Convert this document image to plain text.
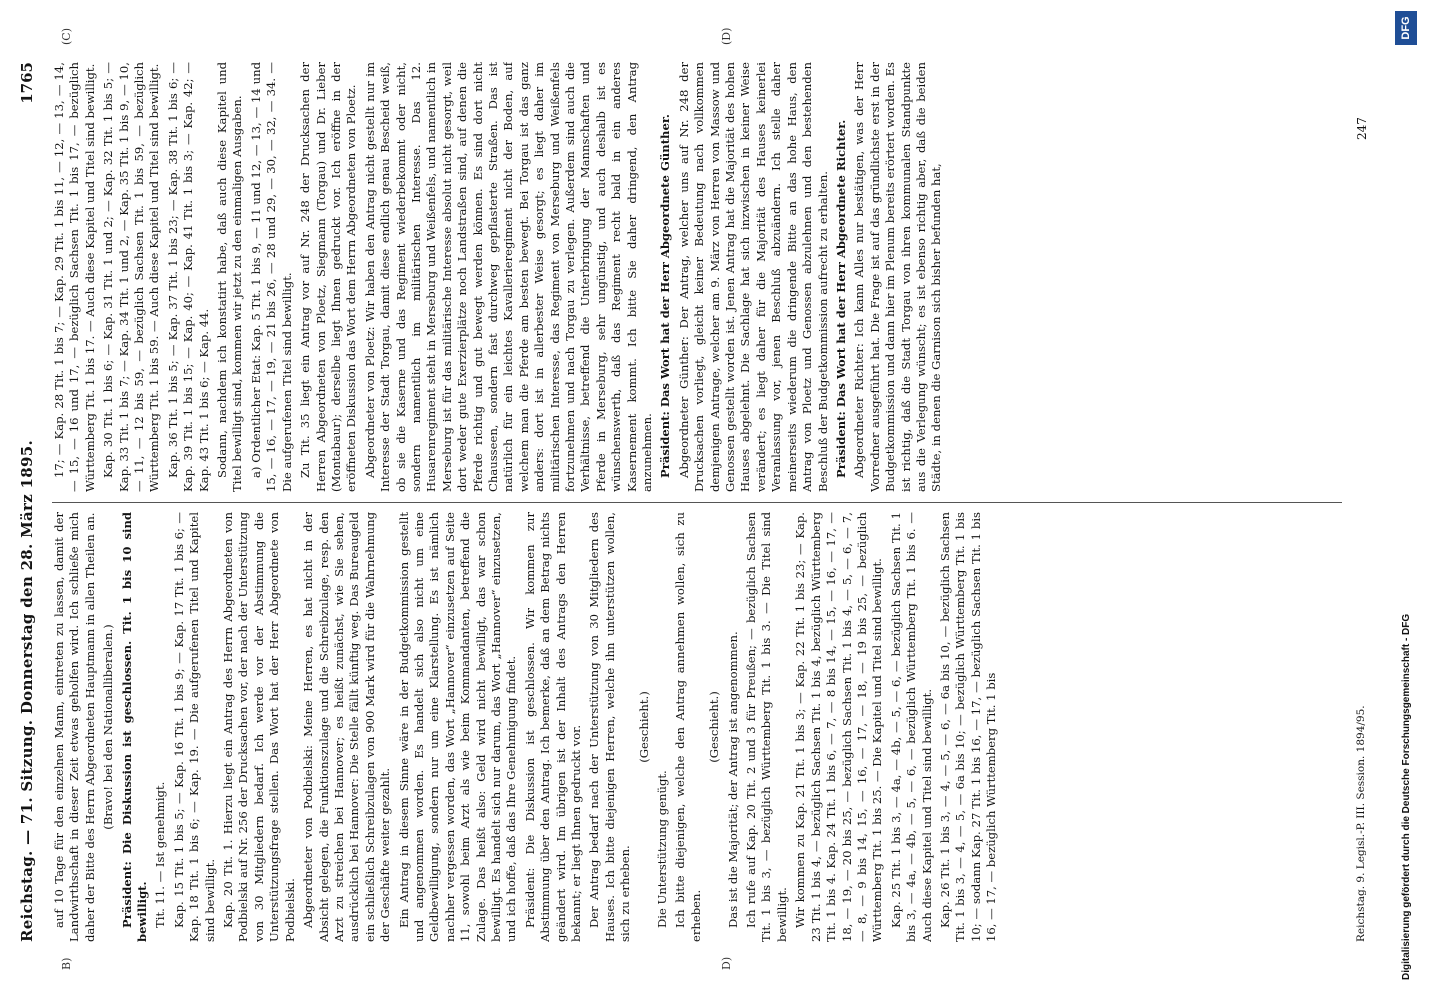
Reichstag. — 71. Sitzung. Donnerstag den 28. März 1895.
1765
(C)	(D)
B)	D)

auf 10 Tage für den einzelnen Mann, eintreten zu lassen, damit der Landwirthschaft in dieser Zeit etwas geholfen wird. Ich schließe mich daher der Bitte des Herrn Abgeordneten Hauptmann in allen Theilen an. (Bravo! bei den Nationalliberalen.) Präsident: Die Diskussion ist geschlossen. Tit. 1 bis 10 sind bewilligt. Tit. 11. — Ist genehmigt. Kap. 15 Tit. 1 bis 5; — Kap. 16 Tit. 1 bis 9; — Kap. 17 Tit. 1 bis 6; — Kap. 18 Tit. 1 bis 6; — Kap. 19. — Die aufgerufenen Titel und Kapitel sind bewilligt. Kap. 20 Tit. 1. Hierzu liegt ein Antrag des Herrn Abgeordneten von Podbielski auf Nr. 256 der Drucksachen vor, der nach der Unterstützung von 30 Mitgliedern bedarf. Ich werde vor der Abstimmung die Unterstützungsfrage stellen. Das Wort hat der Herr Abgeordnete von Podbielski. Abgeordneter von Podbielski: Meine Herren, es hat nicht in der Absicht gelegen, die Funktionszulage und die Schreibzulage, resp. den Arzt zu streichen bei Hannover; es heißt zunächst, wie Sie sehen, ausdrücklich bei Hannover: Die Stelle fällt künftig weg. Das Bureaugeld ein schließlich Schreibzulagen von 900 Mark wird für die Wahrnehmung der Geschäfte weiter gezahlt. Ein Antrag in diesem Sinne wäre in der Budgetkommission gestellt und angenommen worden. Es handelt sich also nicht um eine Geldbewilligung, sondern nur um eine Klarstellung. Es ist nämlich nachher vergessen worden, das Wort „Hannover“ einzusetzen auf Seite 11, sowohl beim Arzt als wie beim Kommandanten, betreffend die Zulage. Das heißt also: Geld wird nicht bewilligt, das war schon bewilligt. Es handelt sich nur darum, das Wort „Hannover“ einzusetzen, und ich hoffe, daß das Ihre Genehmigung findet. Präsident: Die Diskussion ist geschlossen. Wir kommen zur Abstimmung über den Antrag. Ich bemerke, daß an dem Betrag nichts geändert wird. Im übrigen ist der Inhalt des Antrags den Herren bekannt; er liegt Ihnen gedruckt vor. Der Antrag bedarf nach der Unterstützung von 30 Mitgliedern des Hauses. Ich bitte diejenigen Herren, welche ihn unterstützen wollen, sich zu erheben.

(Geschieht.)

Die Unterstützung genügt. Ich bitte diejenigen, welche den Antrag annehmen wollen, sich zu erheben.

(Geschieht.) Das ist die Majorität; der Antrag ist angenommen. Ich rufe auf Kap. 20 Tit. 2 und 3 für Preußen; — bezüglich Sachsen Tit. 1 bis 3, — bezüglich Württemberg Tit. 1 bis 3. — Die Titel sind bewilligt. Wir kommen zu Kap. 21 Tit. 1 bis 3; — Kap. 22 Tit. 1 bis 23; — Kap. 23 Tit. 1 bis 4, — bezüglich Sachsen Tit. 1 bis 4, bezüglich Württemberg Tit. 1 bis 4. Kap. 24 Tit. 1 bis 6, — 7, — 8 bis 14, — 15, — 16, — 17, — 18, — 19, — 20 bis 25, — bezüglich Sachsen Tit. 1 bis 4, — 5, — 6, — 7, — 8, — 9 bis 14, 15, — 16, — 17, — 18, — 19 bis 25, — bezüglich Württemberg Tit. 1 bis 25. — Die Kapitel und Titel sind bewilligt. Kap. 25 Tit. 1 bis 3, — 4a, — 4b, — 5, — 6, — bezüglich Sachsen Tit. 1 bis 3, — 4a, — 4b, — 5, — 6, — bezüglich Württemberg Tit. 1 bis 6. — Auch diese Kapitel und Titel sind bewilligt. Kap. 26 Tit. 1 bis 3, — 4, — 5, — 6, — 6a bis 10, — bezüglich Sachsen Tit. 1 bis 3, — 4, — 5, — 6a bis 10; — bezüglich Württemberg Tit. 1 bis 10; — sodann Kap. 27 Tit. 1 bis 16, — 17, — bezüglich Sachsen Tit. 1 bis 16, — 17, — bezüglich Württemberg Tit. 1 bis

17; — Kap. 28 Tit. 1 bis 7; — Kap. 29 Tit. 1 bis 11, — 12, — 13, — 14, — 15, — 16 und 17, — bezüglich Sachsen Tit. 1 bis 17, — bezüglich Württemberg Tit. 1 bis 17. — Auch diese Kapitel und Titel sind bewilligt. Kap. 30 Tit. 1 bis 6; — Kap. 31 Tit. 1 und 2; — Kap. 32 Tit. 1 bis 5; — Kap. 33 Tit. 1 bis 7; — Kap. 34 Tit. 1 und 2, — Kap. 35 Tit. 1 bis 9, — 10, — 11, — 12 bis 59, — bezüglich Sachsen Tit. 1 bis 59, — bezüglich Württemberg Tit. 1 bis 59. — Auch diese Kapitel und Titel sind bewilligt. Kap. 36 Tit. 1 bis 5; — Kap. 37 Tit. 1 bis 23; — Kap. 38 Tit. 1 bis 6; — Kap. 39 Tit. 1 bis 15; — Kap. 40; — Kap. 41 Tit. 1 bis 3; — Kap. 42; — Kap. 43 Tit. 1 bis 6; — Kap. 44. Sodann, nachdem ich konstatirt habe, daß auch diese Kapitel und Titel bewilligt sind, kommen wir jetzt zu den einmaligen Ausgaben. a) Ordentlicher Etat: Kap. 5 Tit. 1 bis 9, — 11 und 12, — 13, — 14 und 15, — 16, — 17, — 19, — 21 bis 26, — 28 und 29, — 30, — 32, — 34. — Die aufgerufenen Titel sind bewilligt. Zu Tit. 35 liegt ein Antrag vor auf Nr. 248 der Drucksachen der Herren Abgeordneten von Ploetz, Siegmann (Torgau) und Dr. Lieber (Montabaur); derselbe liegt Ihnen gedruckt vor. Ich eröffne in der eröffneten Diskussion das Wort dem Herrn Abgeordneten von Ploetz. Abgeordneter von Ploetz: Wir haben den Antrag nicht gestellt nur im Interesse der Stadt Torgau, damit diese endlich genau Bescheid weiß, ob sie die Kaserne und das Regiment wiederbekommt oder nicht, sondern namentlich im militärischen Interesse. Das 12. Husarenregiment steht in Merseburg und Weißenfels, und namentlich in Merseburg ist für das militärische Interesse absolut nicht gesorgt, weil dort weder gute Exerzierplätze noch Landstraßen sind, auf denen die Pferde richtig und gut bewegt werden können. Es sind dort nicht Chausseen, sondern fast durchweg gepflasterte Straßen. Das ist natürlich für ein leichtes Kavallerieregiment nicht der Boden, auf welchem man die Pferde am besten bewegt. Bei Torgau ist das ganz anders: dort ist in allerbester Weise gesorgt; es liegt daher im militärischen Interesse, das Regiment von Merseburg und Weißenfels fortzunehmen und nach Torgau zu verlegen. Außerdem sind auch die Verhältnisse, betreffend die Unterbringung der Mannschaften und Pferde in Merseburg, sehr ungünstig, und auch deshalb ist es wünschenswerth, daß das Regiment recht bald in ein anderes Kasernement kommt. Ich bitte Sie daher dringend, den Antrag anzunehmen. Präsident: Das Wort hat der Herr Abgeordnete Günther. Abgeordneter Günther: Der Antrag, welcher uns auf Nr. 248 der Drucksachen vorliegt, gleicht keiner Bedeutung nach vollkommen demjenigen Antrage, welcher am 9. März von Herren von Massow und Genossen gestellt worden ist. Jenen Antrag hat die Majorität des hohen Hauses abgelehnt. Die Sachlage hat sich inzwischen in keiner Weise verändert; es liegt daher für die Majorität des Hauses keinerlei Veranlassung vor, jenen Beschluß abzuändern. Ich stelle daher meinerseits wiederum die dringende Bitte an das hohe Haus, den Antrag von Ploetz und Genossen abzulehnen und den bestehenden Beschluß der Budgetkommission aufrecht zu erhalten. Präsident: Das Wort hat der Herr Abgeordnete Richter. Abgeordneter Richter: Ich kann Alles nur bestätigen, was der Herr Vorredner ausgeführt hat. Die Frage ist auf das gründlichste erst in der Budgetkommission und dann hier im Plenum bereits erörtert worden. Es ist richtig, daß die Stadt Torgau von ihren kommunalen Standpunkte aus die Verlegung wünscht; es ist ebenso richtig aber, daß die beiden Städte, in denen die Garnison sich bisher befunden hat,

247
Reichstag. 9. Legisl.-P. III. Session. 1894/95.	Digitalisierung gefördert durch die Deutsche Forschungsgemeinschaft - DFG
DFG
